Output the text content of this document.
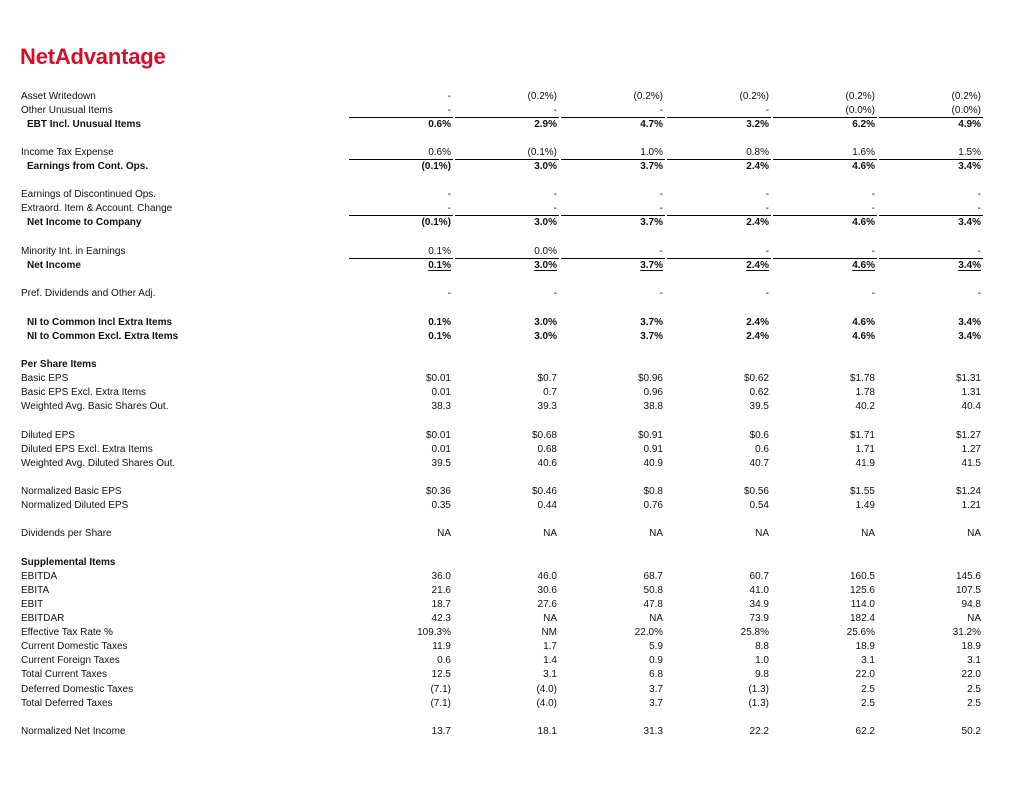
NetAdvantage
Asset Writedown	-	(0.2%)	(0.2%)	(0.2%)	(0.2%)	(0.2%)
Other Unusual Items	-	-	-	-	(0.0%)	(0.0%)
EBT Incl. Unusual Items	0.6%	2.9%	4.7%	3.2%	6.2%	4.9%
Income Tax Expense	0.6%	(0.1%)	1.0%	0.8%	1.6%	1.5%
Earnings from Cont. Ops.	(0.1%)	3.0%	3.7%	2.4%	4.6%	3.4%
Earnings of Discontinued Ops.	-	-	-	-	-	-
Extraord. Item & Account. Change	-	-	-	-	-	-
Net Income to Company	(0.1%)	3.0%	3.7%	2.4%	4.6%	3.4%
Minority Int. in Earnings	0.1%	0.0%	-	-	-	-
Net Income	0.1%	3.0%	3.7%	2.4%	4.6%	3.4%
Pref. Dividends and Other Adj.	-	-	-	-	-	-
NI to Common Incl Extra Items	0.1%	3.0%	3.7%	2.4%	4.6%	3.4%
NI to Common Excl. Extra Items	0.1%	3.0%	3.7%	2.4%	4.6%	3.4%
Per Share Items
Basic EPS	$0.01	$0.7	$0.96	$0.62	$1.78	$1.31
Basic EPS Excl. Extra Items	0.01	0.7	0.96	0.62	1.78	1.31
Weighted Avg. Basic Shares Out.	38.3	39.3	38.8	39.5	40.2	40.4
Diluted EPS	$0.01	$0.68	$0.91	$0.6	$1.71	$1.27
Diluted EPS Excl. Extra Items	0.01	0.68	0.91	0.6	1.71	1.27
Weighted Avg. Diluted Shares Out.	39.5	40.6	40.9	40.7	41.9	41.5
Normalized Basic EPS	$0.36	$0.46	$0.8	$0.56	$1.55	$1.24
Normalized Diluted EPS	0.35	0.44	0.76	0.54	1.49	1.21
Dividends per Share	NA	NA	NA	NA	NA	NA
Supplemental Items
EBITDA	36.0	46.0	68.7	60.7	160.5	145.6
EBITA	21.6	30.6	50.8	41.0	125.6	107.5
EBIT	18.7	27.6	47.8	34.9	114.0	94.8
EBITDAR	42.3	NA	NA	73.9	182.4	NA
Effective Tax Rate %	109.3%	NM	22.0%	25.8%	25.6%	31.2%
Current Domestic Taxes	11.9	1.7	5.9	8.8	18.9	18.9
Current Foreign Taxes	0.6	1.4	0.9	1.0	3.1	3.1
Total Current Taxes	12.5	3.1	6.8	9.8	22.0	22.0
Deferred Domestic Taxes	(7.1)	(4.0)	3.7	(1.3)	2.5	2.5
Total Deferred Taxes	(7.1)	(4.0)	3.7	(1.3)	2.5	2.5
Normalized Net Income	13.7	18.1	31.3	22.2	62.2	50.2
